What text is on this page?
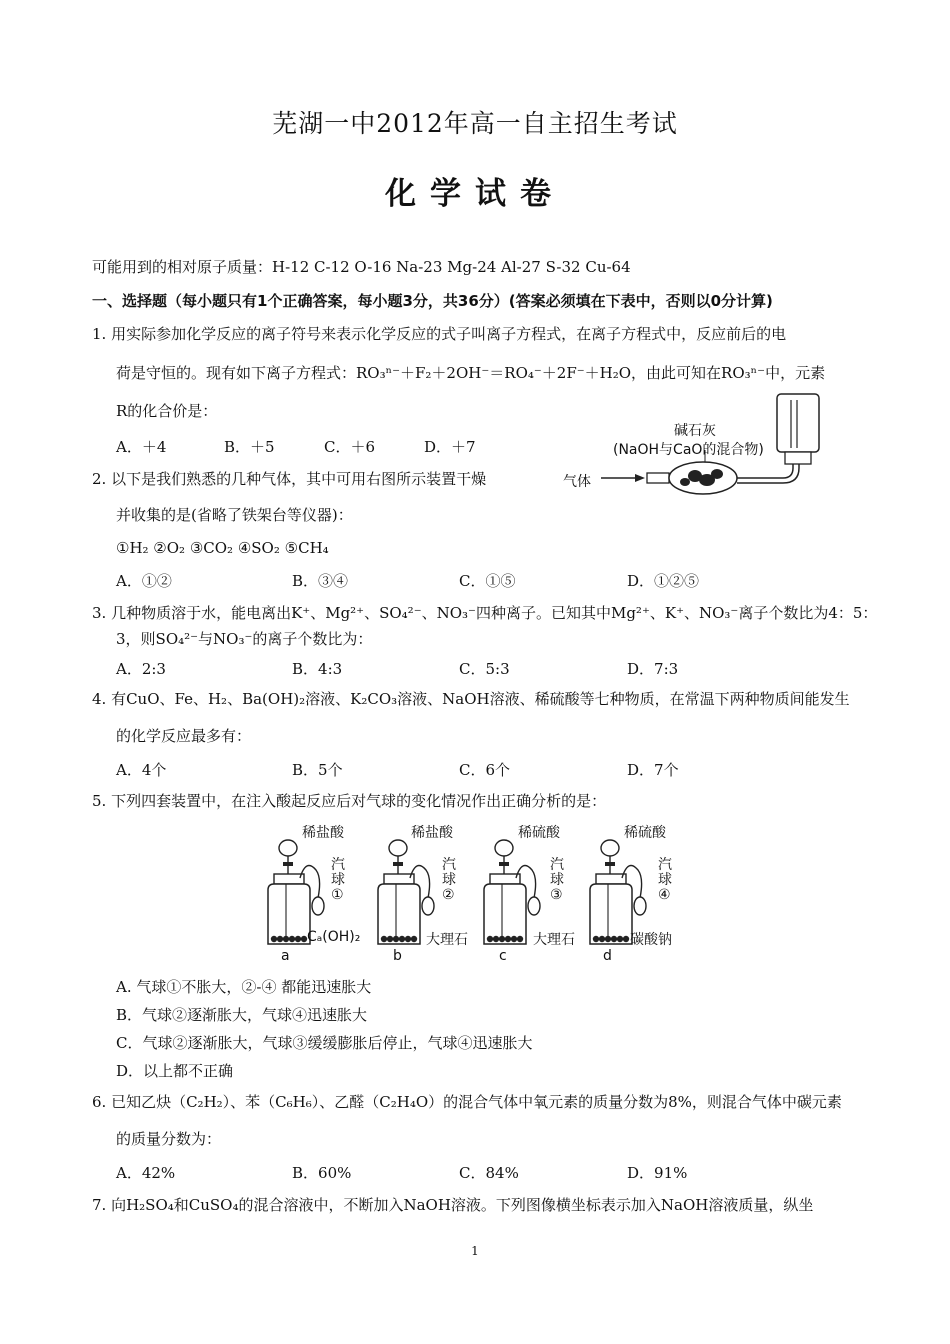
芜湖一中2012年高一自主招生考试
化学试卷
可能用到的相对原子质量：H-12 C-12 O-16 Na-23 Mg-24 Al-27 S-32 Cu-64
一、选择题（每小题只有1个正确答案，每小题3分，共36分）(答案必须填在下表中，否则以0分计算)
1. 用实际参加化学反应的离子符号来表示化学反应的式子叫离子方程式，在离子方程式中，反应前后的电
荷是守恒的。现有如下离子方程式：RO₃ⁿ⁻＋F₂＋2OH⁻＝RO₄⁻＋2F⁻＋H₂O，由此可知在RO₃ⁿ⁻中，元素
R的化合价是：
A．＋4	B．＋5	C．＋6	D．＋7
碱石灰
(NaOH与CaO的混合物)
气体
2. 以下是我们熟悉的几种气体，其中可用右图所示装置干燥
并收集的是(省略了铁架台等仪器)：
①H₂ ②O₂ ③CO₂ ④SO₂ ⑤CH₄
A．①②	B．③④	C．①⑤	D．①②⑤
3. 几种物质溶于水，能电离出K⁺、Mg²⁺、SO₄²⁻、NO₃⁻四种离子。已知其中Mg²⁺、K⁺、NO₃⁻离子个数比为4：5：
3，则SO₄²⁻与NO₃⁻的离子个数比为：
A．2:3	B．4:3	C．5:3	D．7:3
4. 有CuO、Fe、H₂、Ba(OH)₂溶液、K₂CO₃溶液、NaOH溶液、稀硫酸等七种物质，在常温下两种物质间能发生
的化学反应最多有：
A．4个	B．5个	C．6个	D．7个
5. 下列四套装置中，在注入酸起反应后对气球的变化情况作出正确分析的是：
稀盐酸	稀盐酸	稀硫酸	稀硫酸
汽球①
汽球②
汽球③
汽球④
Cₐ(OH)₂	大理石	大理石	碳酸钠
a	b	c	d
A. 气球①不胀大，②-④ 都能迅速胀大
B．气球②逐渐胀大，气球④迅速胀大
C．气球②逐渐胀大，气球③缓缓膨胀后停止，气球④迅速胀大
D．以上都不正确
6. 已知乙炔（C₂H₂）、苯（C₆H₆）、乙醛（C₂H₄O）的混合气体中氧元素的质量分数为8%，则混合气体中碳元素
的质量分数为：
A．42%	B．60%	C．84%	D．91%
7. 向H₂SO₄和CuSO₄的混合溶液中，不断加入NaOH溶液。下列图像横坐标表示加入NaOH溶液质量，纵坐
1
